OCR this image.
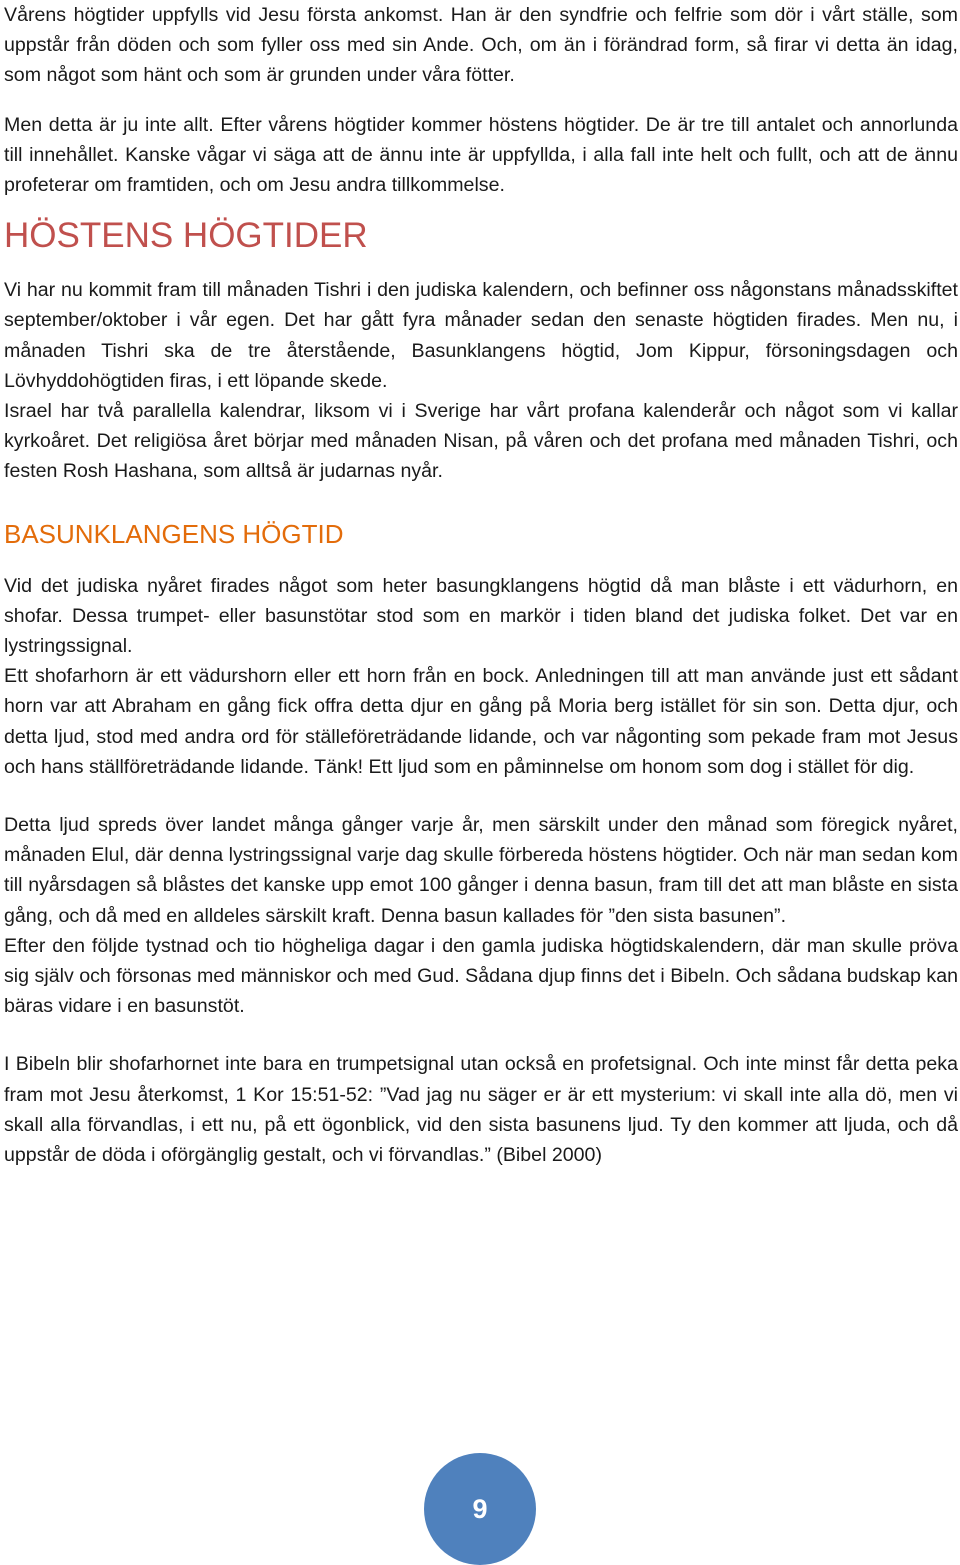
Vårens högtider uppfylls vid Jesu första ankomst. Han är den syndfrie och felfrie som dör i vårt ställe, som uppstår från döden och som fyller oss med sin Ande. Och, om än i förändrad form, så firar vi detta än idag, som något som hänt och som är grunden under våra fötter.

Men detta är ju inte allt. Efter vårens högtider kommer höstens högtider. De är tre till antalet och annorlunda till innehållet. Kanske vågar vi säga att de ännu inte är uppfyllda, i alla fall inte helt och fullt, och att de ännu profeterar om framtiden, och om Jesu andra tillkommelse.

HÖSTENS HÖGTIDER

Vi har nu kommit fram till månaden Tishri i den judiska kalendern, och befinner oss någonstans månadsskiftet september/oktober i vår egen. Det har gått fyra månader sedan den senaste högtiden firades. Men nu, i månaden Tishri ska de tre återstående, Basunklangens högtid, Jom Kippur, försoningsdagen och Lövhyddohögtiden firas, i ett löpande skede.

Israel har två parallella kalendrar, liksom vi i Sverige har vårt profana kalenderår och något som vi kallar kyrkoåret. Det religiösa året börjar med månaden Nisan, på våren och det profana med månaden Tishri, och festen Rosh Hashana, som alltså är judarnas nyår.

BASUNKLANGENS HÖGTID

Vid det judiska nyåret firades något som heter basungklangens högtid då man blåste i ett vädurhorn, en shofar. Dessa trumpet- eller basunstötar stod som en markör i tiden bland det judiska folket. Det var en lystringssignal.

Ett shofarhorn är ett vädurshorn eller ett horn från en bock. Anledningen till att man använde just ett sådant horn var att Abraham en gång fick offra detta djur en gång på Moria berg istället för sin son. Detta djur, och detta ljud, stod med andra ord för ställeföreträdande lidande, och var någonting som pekade fram mot Jesus och hans ställföreträdande lidande. Tänk! Ett ljud som en påminnelse om honom som dog i stället för dig.

Detta ljud spreds över landet många gånger varje år, men särskilt under den månad som föregick nyåret, månaden Elul, där denna lystringssignal varje dag skulle förbereda höstens högtider. Och när man sedan kom till nyårsdagen så blåstes det kanske upp emot 100 gånger i denna basun, fram till det att man blåste en sista gång, och då med en alldeles särskilt kraft. Denna basun kallades för ”den sista basunen”.

Efter den följde tystnad och tio högheliga dagar i den gamla judiska högtidskalendern, där man skulle pröva sig själv och försonas med människor och med Gud. Sådana djup finns det i Bibeln. Och sådana budskap kan bäras vidare i en basunstöt.

I Bibeln blir shofarhornet inte bara en trumpetsignal utan också en profetsignal. Och inte minst får detta peka fram mot Jesu återkomst, 1 Kor 15:51-52: ”Vad jag nu säger er är ett mysterium: vi skall inte alla dö, men vi skall alla förvandlas, i ett nu, på ett ögonblick, vid den sista basunens ljud. Ty den kommer att ljuda, och då uppstår de döda i oförgänglig gestalt, och vi förvandlas.” (Bibel 2000)

9
